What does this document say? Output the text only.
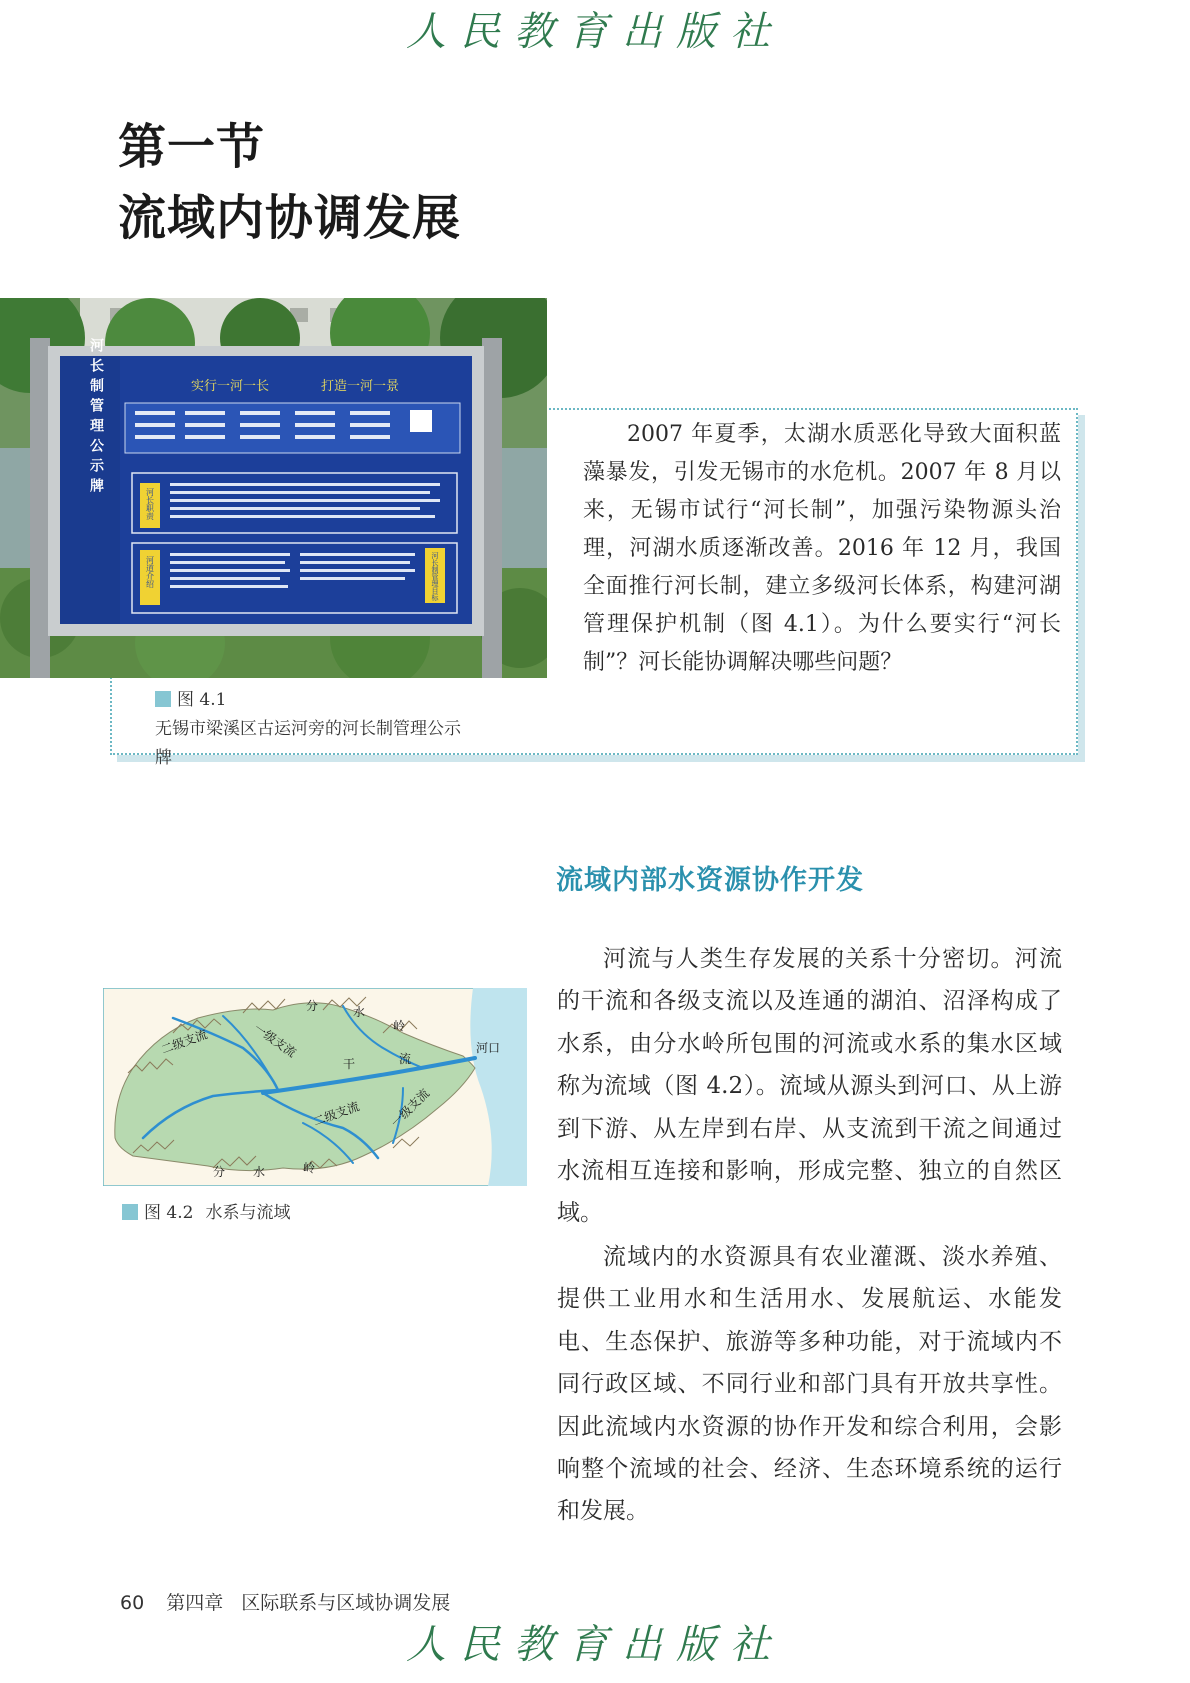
人民教育出版社
第一节
流域内协调发展
实行一河一长	打造一河一景
河长制管理公示牌
河长职责
河道介绍	河长制管理目标
图 4.1 无锡市梁溪区古运河旁的河长制管理公示牌
2007 年夏季，太湖水质恶化导致大面积蓝藻暴发，引发无锡市的水危机。2007 年 8 月以来，无锡市试行“河长制”，加强污染物源头治理，河湖水质逐渐改善。2016 年 12 月，我国全面推行河长制，建立多级河长体系，构建河湖管理保护机制（图 4.1）。为什么要实行“河长制”？河长能协调解决哪些问题？
流域内部水资源协作开发

河流与人类生存发展的关系十分密切。河流的干流和各级支流以及连通的湖泊、沼泽构成了水系，由分水岭所包围的河流或水系的集水区域称为流域（图 4.2）。流域从源头到河口、从上游到下游、从左岸到右岸、从支流到干流之间通过水流相互连接和影响，形成完整、独立的自然区域。

流域内的水资源具有农业灌溉、淡水养殖、提供工业用水和生活用水、发展航运、水能发电、生态保护、旅游等多种功能，对于流域内不同行政区域、不同行业和部门具有开放共享性。因此流域内水资源的协作开发和综合利用，会影响整个流域的社会、经济、生态环境系统的运行和发展。

分	水
岭
二级支流	一级支流
干	流
河口
二级支流 一级支流
分 水	岭
图 4.2 水系与流域
60 第四章 区际联系与区域协调发展
人民教育出版社
